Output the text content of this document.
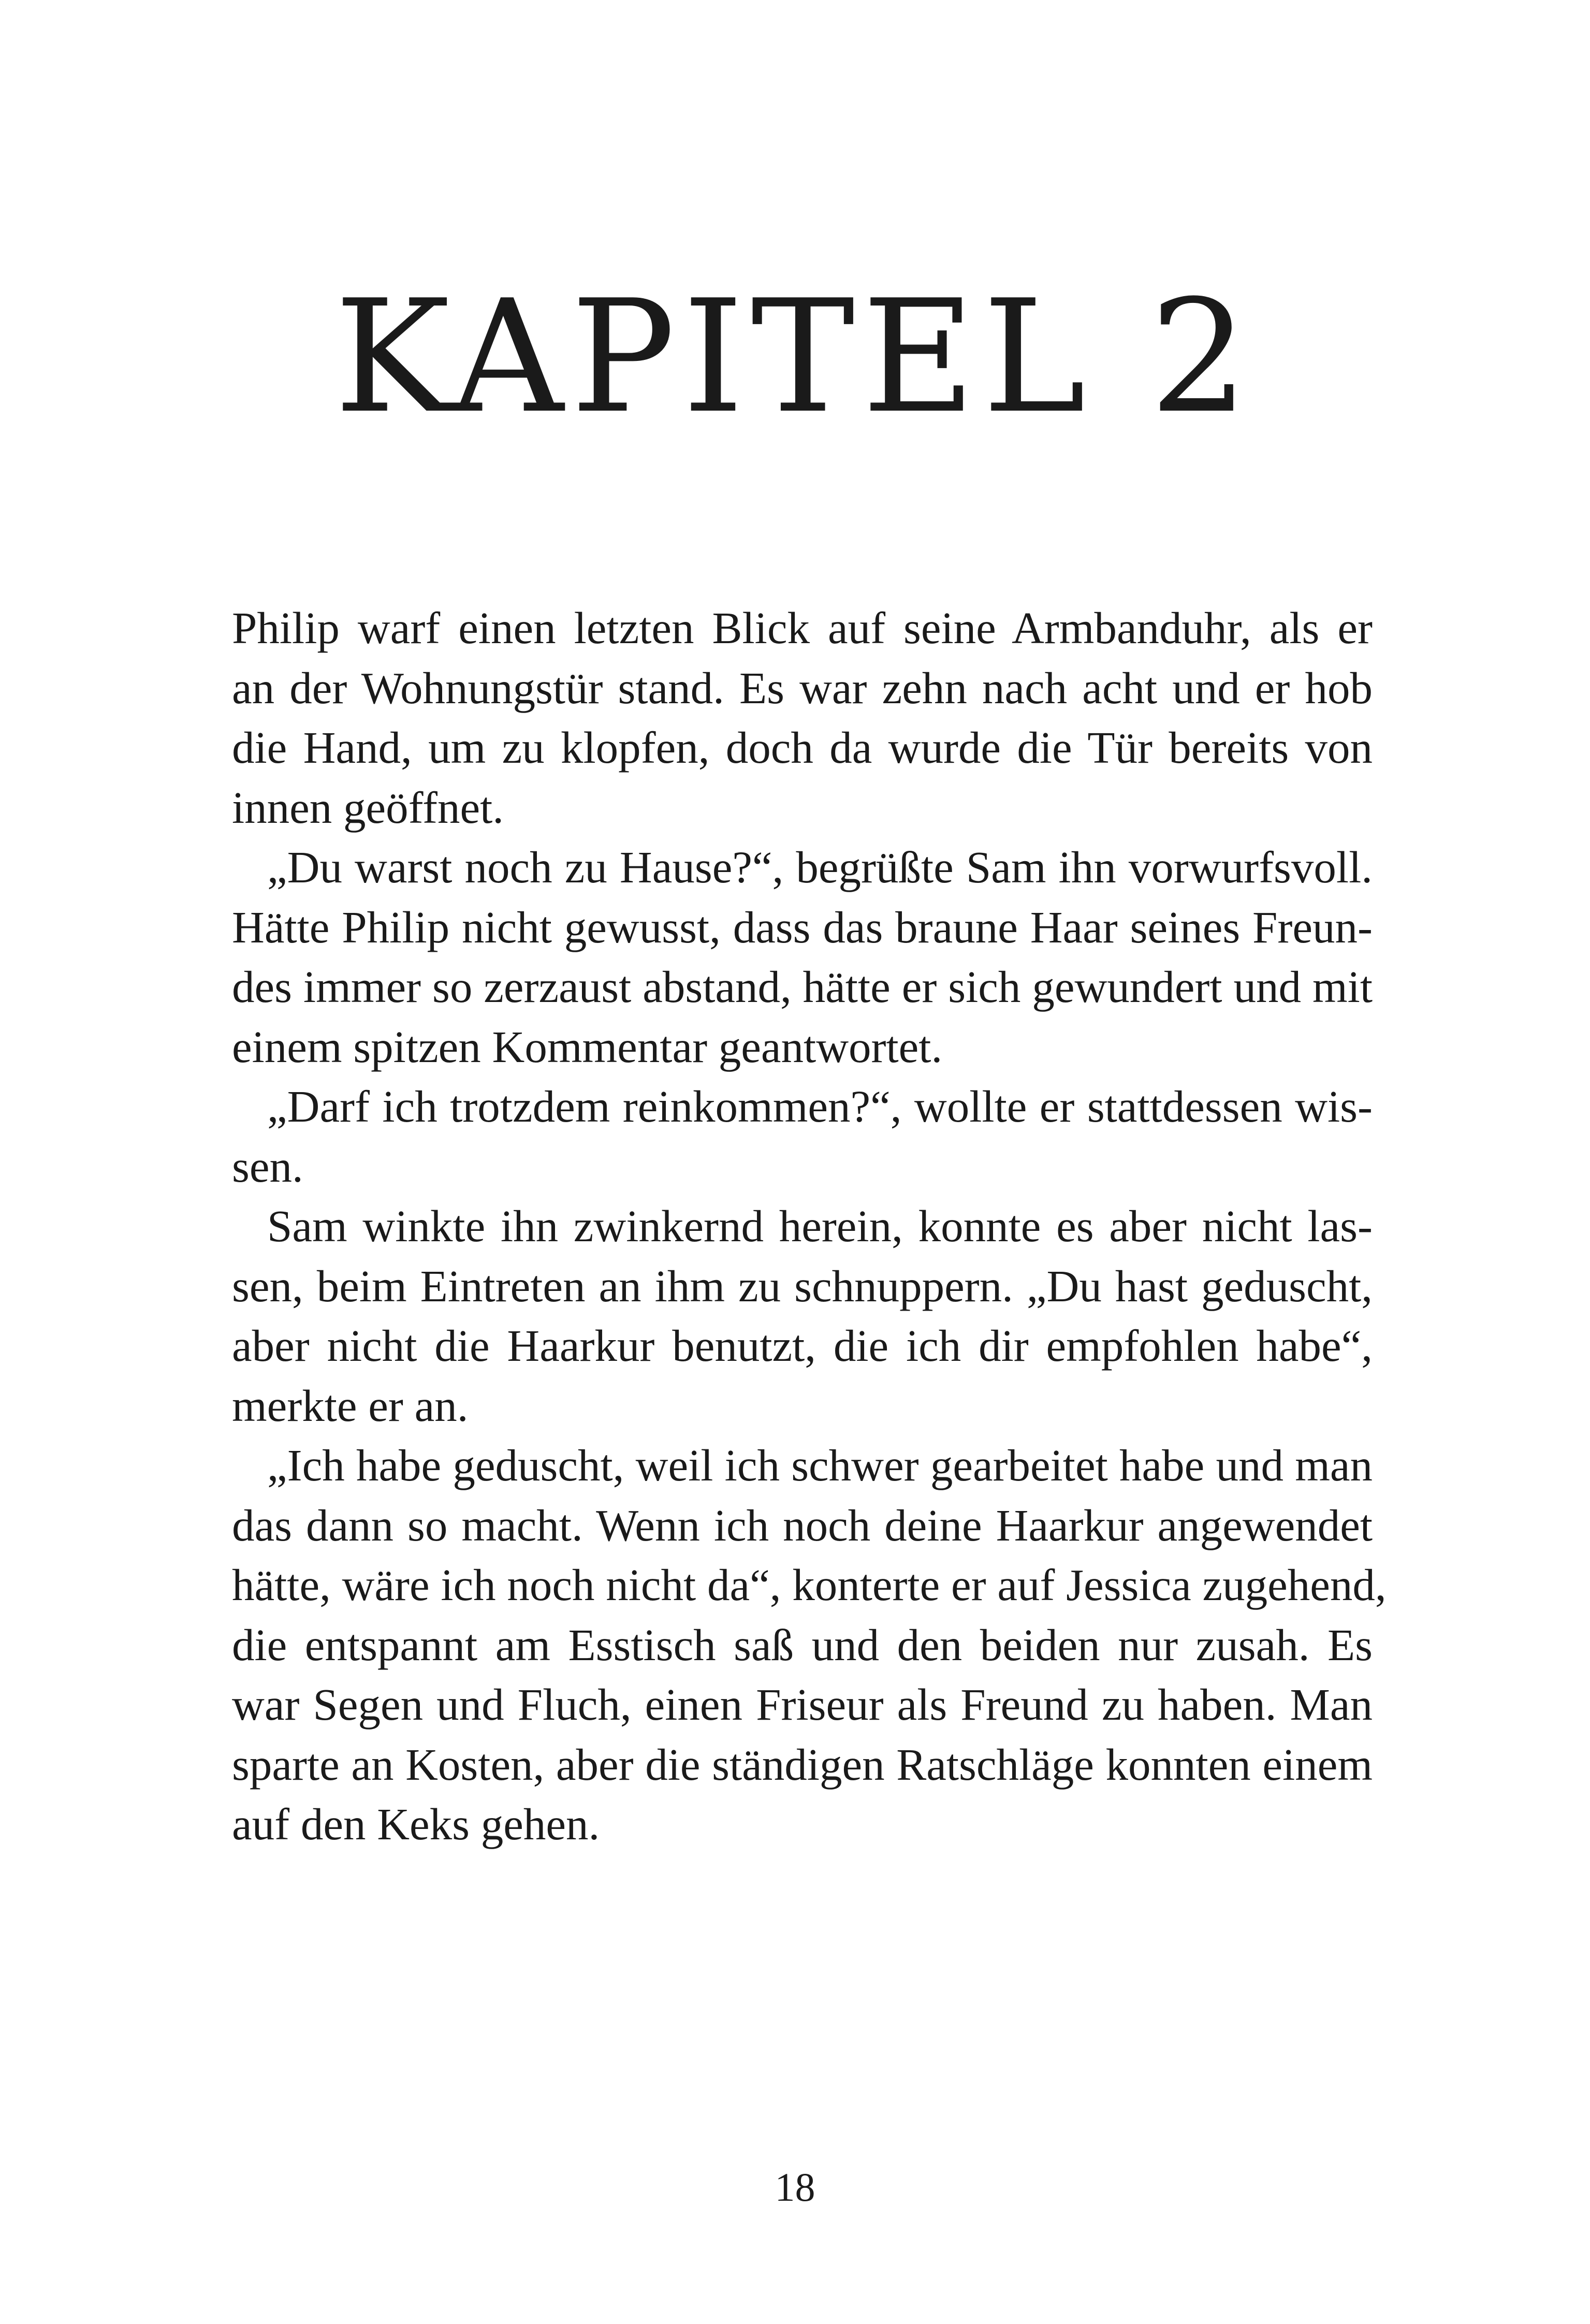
KAPITEL 2
Philip warf einen letzten Blick auf seine Armbanduhr, als er
an der Wohnungstür stand. Es war zehn nach acht und er hob
die Hand, um zu klopfen, doch da wurde die Tür bereits von
innen geöffnet.
„Du warst noch zu Hause?“, begrüßte Sam ihn vorwurfsvoll.
Hätte Philip nicht gewusst, dass das braune Haar seines Freun-
des immer so zerzaust abstand, hätte er sich gewundert und mit
einem spitzen Kommentar geantwortet.
„Darf ich trotzdem reinkommen?“, wollte er stattdessen wis-
sen.
Sam winkte ihn zwinkernd herein, konnte es aber nicht las-
sen, beim Eintreten an ihm zu schnuppern. „Du hast geduscht,
aber nicht die Haarkur benutzt, die ich dir empfohlen habe“,
merkte er an.
„Ich habe geduscht, weil ich schwer gearbeitet habe und man
das dann so macht. Wenn ich noch deine Haarkur angewendet
hätte, wäre ich noch nicht da“, konterte er auf Jessica zugehend,
die entspannt am Esstisch saß und den beiden nur zusah. Es
war Segen und Fluch, einen Friseur als Freund zu haben. Man
sparte an Kosten, aber die ständigen Ratschläge konnten einem
auf den Keks gehen.
18
